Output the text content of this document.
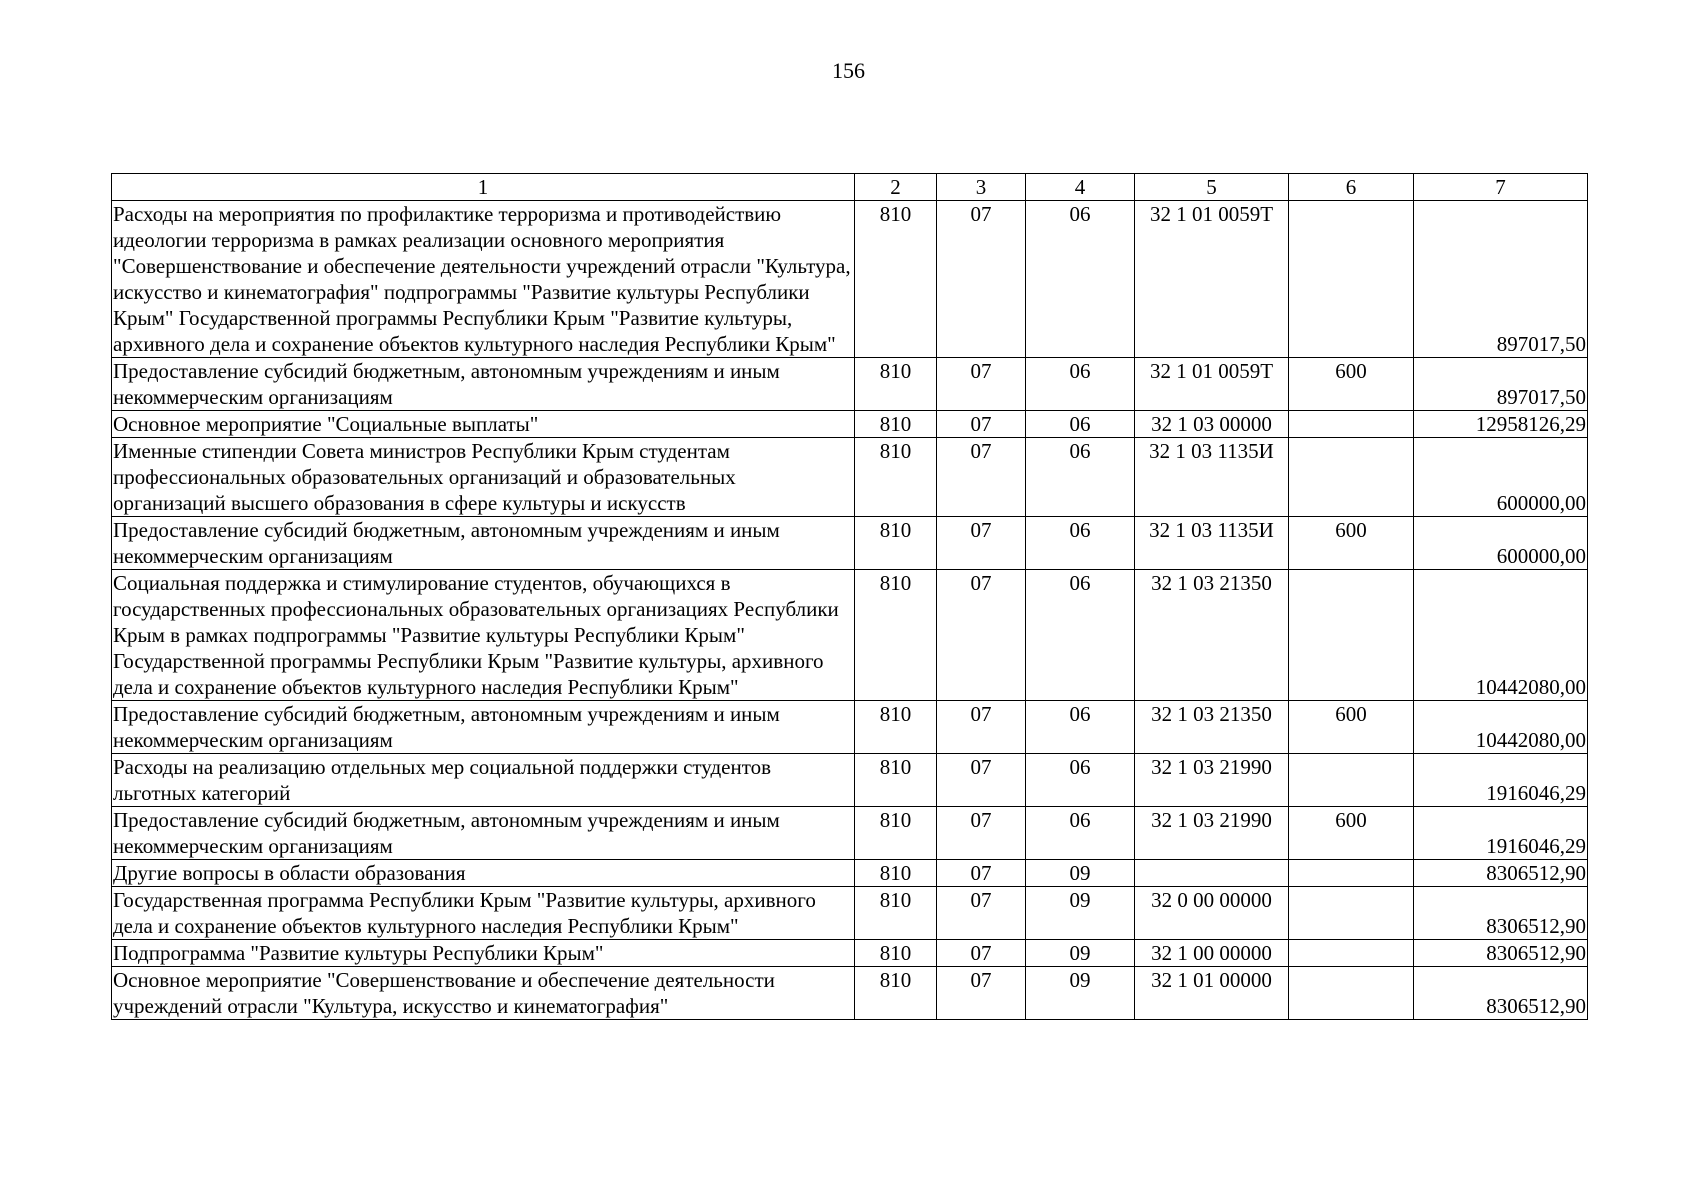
156
1	2	3	4	5	6	7
Расходы на мероприятия по профилактике терроризма и противодействию идеологии терроризма в рамках реализации основного мероприятия "Совершенствование и обеспечение деятельности учреждений отрасли "Культура, искусство и кинематография" подпрограммы "Развитие культуры Республики Крым" Государственной программы Республики Крым "Развитие культуры, архивного дела и сохранение объектов культурного наследия Республики Крым"	810	07	06	32 1 01 0059Т		897017,50
Предоставление субсидий бюджетным, автономным учреждениям и иным некоммерческим организациям	810	07	06	32 1 01 0059Т	600	897017,50
Основное мероприятие "Социальные выплаты"	810	07	06	32 1 03 00000		12958126,29
Именные стипендии Совета министров Республики Крым студентам профессиональных образовательных организаций и образовательных организаций высшего образования в сфере культуры и искусств	810	07	06	32 1 03 1135И		600000,00
Предоставление субсидий бюджетным, автономным учреждениям и иным некоммерческим организациям	810	07	06	32 1 03 1135И	600	600000,00
Социальная поддержка и стимулирование студентов, обучающихся в государственных профессиональных образовательных организациях Республики Крым в рамках подпрограммы "Развитие культуры Республики Крым" Государственной программы Республики Крым "Развитие культуры, архивного дела и сохранение объектов культурного наследия Республики Крым"	810	07	06	32 1 03 21350		10442080,00
Предоставление субсидий бюджетным, автономным учреждениям и иным некоммерческим организациям	810	07	06	32 1 03 21350	600	10442080,00
Расходы на реализацию отдельных мер социальной поддержки студентов льготных категорий	810	07	06	32 1 03 21990		1916046,29
Предоставление субсидий бюджетным, автономным учреждениям и иным некоммерческим организациям	810	07	06	32 1 03 21990	600	1916046,29
Другие вопросы в области образования	810	07	09			8306512,90
Государственная программа Республики Крым "Развитие культуры, архивного дела и сохранение объектов культурного наследия Республики Крым"	810	07	09	32 0 00 00000		8306512,90
Подпрограмма "Развитие культуры Республики Крым"	810	07	09	32 1 00 00000		8306512,90
Основное мероприятие "Совершенствование и обеспечение деятельности учреждений отрасли "Культура, искусство и кинематография"	810	07	09	32 1 01 00000		8306512,90
